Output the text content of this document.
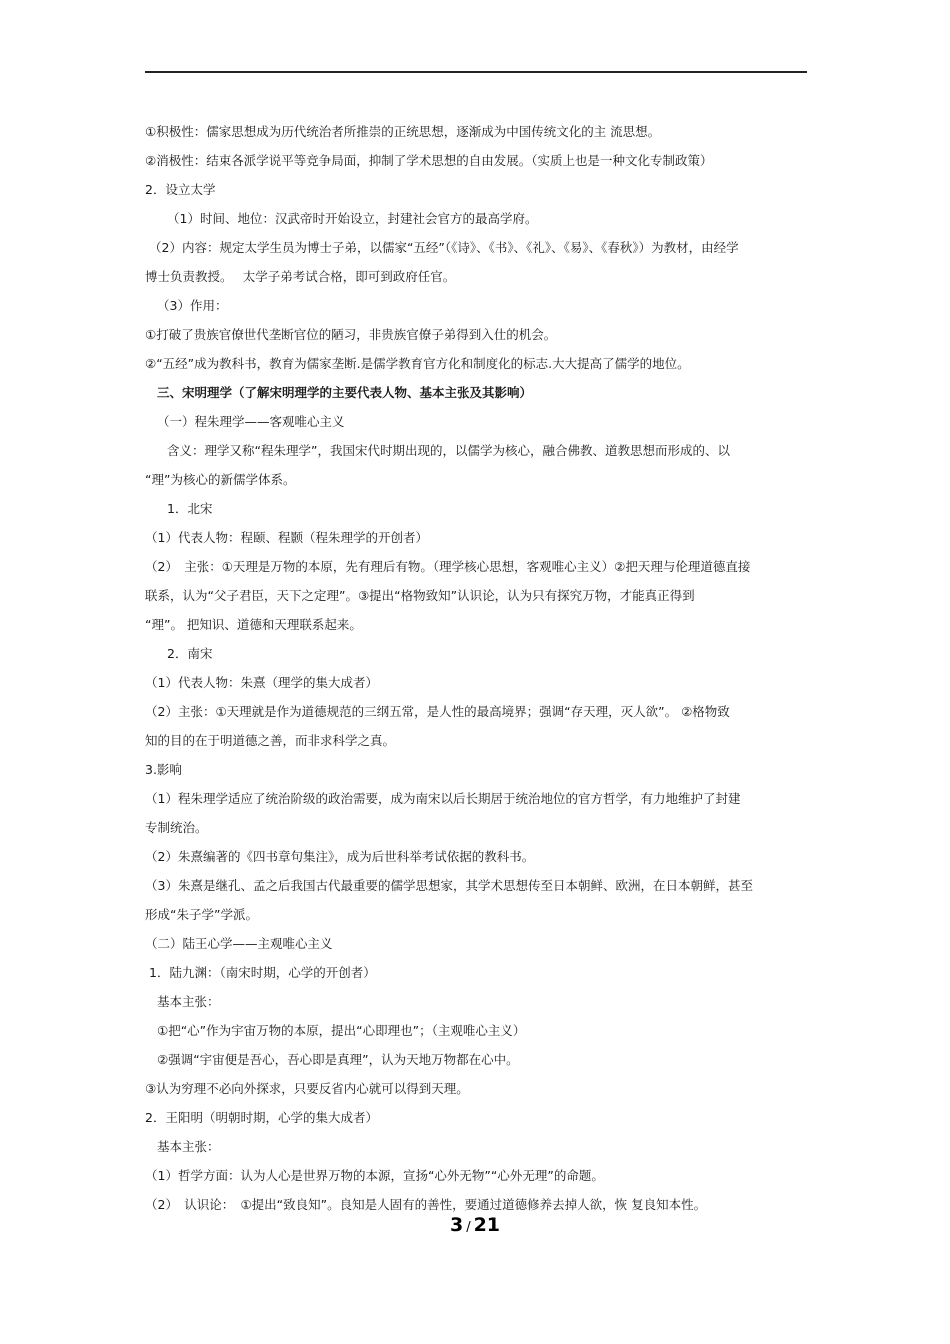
①积极性：儒家思想成为历代统治者所推崇的正统思想，逐渐成为中国传统文化的主 流思想。
②消极性：结束各派学说平等竞争局面，抑制了学术思想的自由发展。（实质上也是一种文化专制政策）
2．设立太学
（1）时间、地位：汉武帝时开始设立，封建社会官方的最高学府。
（2）内容：规定太学生员为博士子弟，以儒家“五经”（《诗》、《书》、《礼》、《易》、《春秋》）为教材，由经学
博士负责教授。　 太学子弟考试合格，即可到政府任官。
（3）作用：
①打破了贵族官僚世代垄断官位的陋习，非贵族官僚子弟得到入仕的机会。
②“五经”成为教科书，教育为儒家垄断.是儒学教育官方化和制度化的标志.大大提高了儒学的地位。
三、宋明理学（了解宋明理学的主要代表人物、基本主张及其影响）
（一）程朱理学——客观唯心主义
含义：理学又称“程朱理学”，我国宋代时期出现的，以儒学为核心，融合佛教、道教思想而形成的、以
“理”为核心的新儒学体系。
1．北宋
（1）代表人物：程颐、程颢（程朱理学的开创者）
（2）　主张：①天理是万物的本原，先有理后有物。（理学核心思想，客观唯心主义）②把天理与伦理道德直接
联系，认为“父子君臣，天下之定理”。③提出“格物致知”认识论，认为只有探究万物，才能真正得到
“理”。 把知识、道德和天理联系起来。
2．南宋
（1）代表人物：朱熹（理学的集大成者）
（2）主张：①天理就是作为道德规范的三纲五常，是人性的最高境界；强调“存天理，灭人欲”。 ②格物致
知的目的在于明道德之善，而非求科学之真。
3.影响
（1）程朱理学适应了统治阶级的政治需要，成为南宋以后长期居于统治地位的官方哲学，有力地维护了封建
专制统治。
（2）朱熹编著的《四书章句集注》，成为后世科举考试依据的教科书。
（3）朱熹是继孔、孟之后我国古代最重要的儒学思想家，其学术思想传至日本朝鲜、欧洲，在日本朝鲜，甚至
形成“朱子学”学派。
（二）陆王心学——主观唯心主义
1．陆九渊：（南宋时期，心学的开创者）
基本主张：
①把“心”作为宇宙万物的本原，提出“心即理也”；（主观唯心主义）
②强调“宇宙便是吾心，吾心即是真理”，认为天地万物都在心中。
③认为穷理不必向外探求，只要反省内心就可以得到天理。
2．王阳明（明朝时期，心学的集大成者）
基本主张：
（1）哲学方面：认为人心是世界万物的本源，宣扬“心外无物”“心外无理”的命题。
（2）　认识论：　①提出“致良知”。良知是人固有的善性，要通过道德修养去掉人欲，恢 复良知本性。
3 / 21
